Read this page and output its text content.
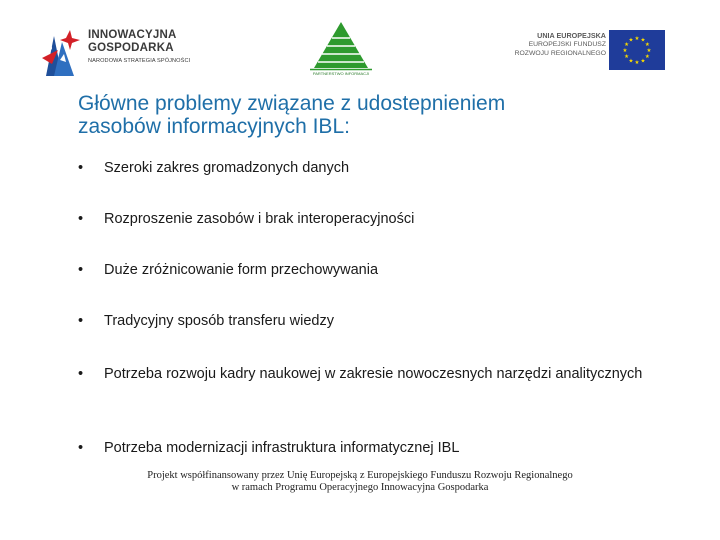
INNOWACYJNA
GOSPODARKA
NARODOWA STRATEGIA SPÓJNOŚCI
PARTNERSTWO INFORMACJI
UNIA EUROPEJSKA
EUROPEJSKI FUNDUSZ
ROZWOJU REGIONALNEGO
★ ★
★
★
★
★
★
★
★
★
★
★
Główne problemy związane z udostepnieniem
zasobów informacyjnych IBL:
•	Szeroki zakres gromadzonych danych
•	Rozproszenie zasobów i brak interoperacyjności
•	Duże zróżnicowanie form przechowywania
•	Tradycyjny sposób transferu wiedzy
•	Potrzeba rozwoju kadry naukowej w zakresie nowoczesnych narzędzi analitycznych
•	Potrzeba modernizacji infrastruktura informatycznej IBL
Projekt współfinansowany przez Unię Europejską z Europejskiego Funduszu Rozwoju Regionalnego
w ramach Programu Operacyjnego Innowacyjna Gospodarka
